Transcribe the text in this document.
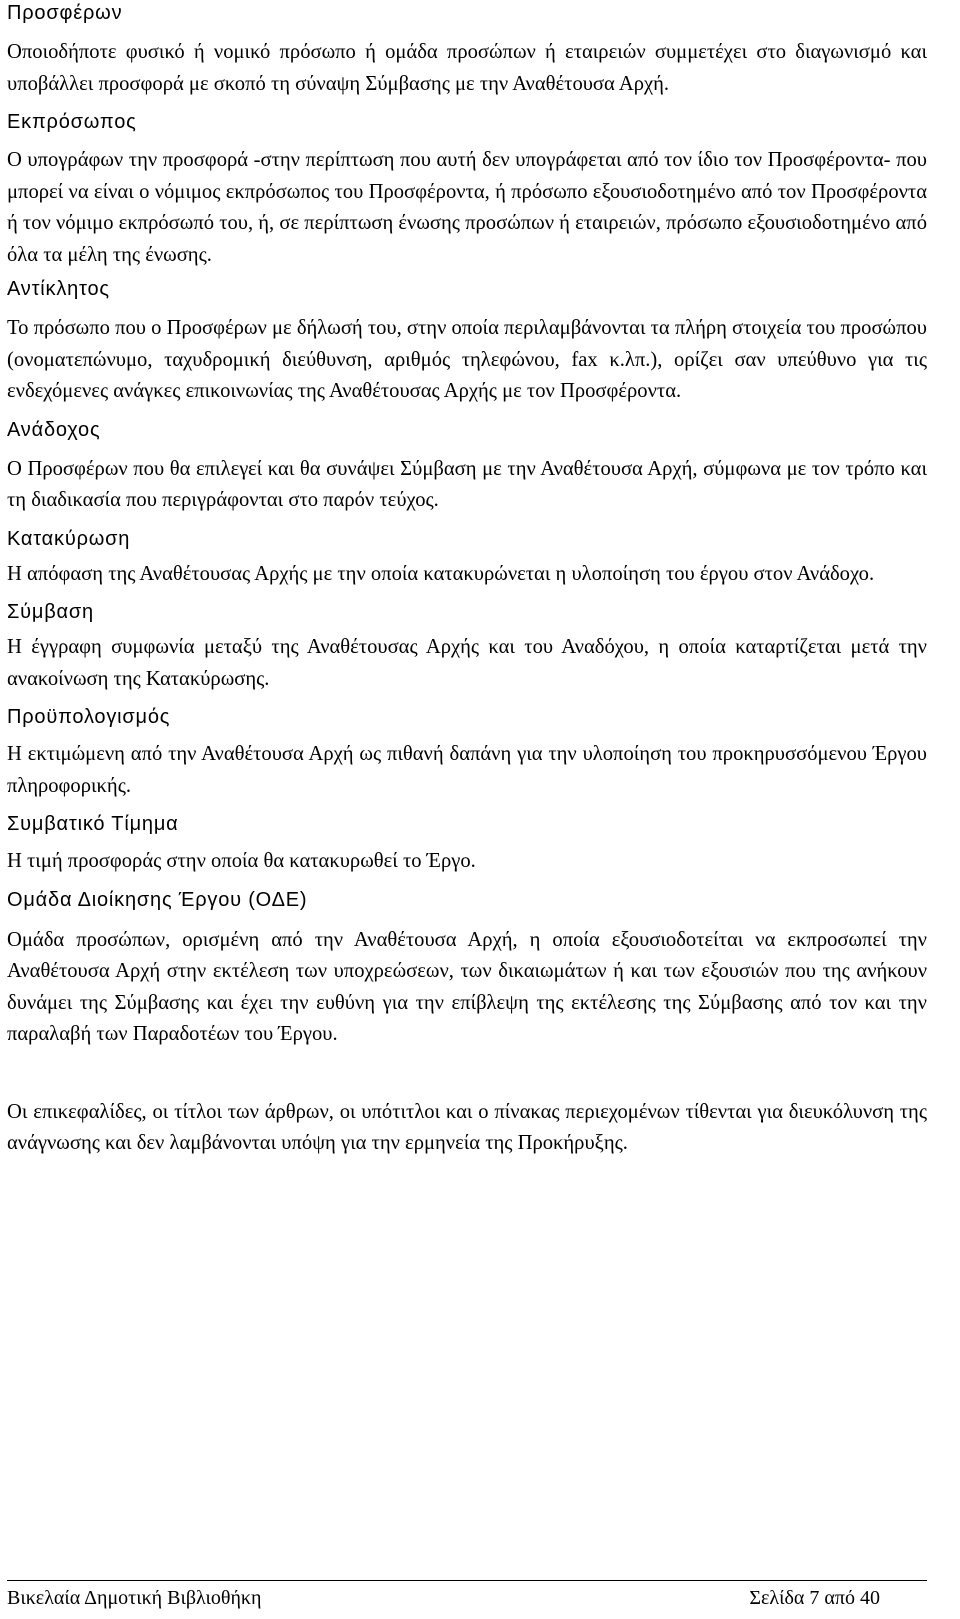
Προσφέρων

Οποιοδήποτε φυσικό ή νομικό πρόσωπο ή ομάδα προσώπων ή εταιρειών συμμετέχει στο διαγωνισμό και υποβάλλει προσφορά με σκοπό τη σύναψη Σύμβασης με την Αναθέτουσα Αρχή.

Εκπρόσωπος

Ο υπογράφων την προσφορά -στην περίπτωση που αυτή δεν υπογράφεται από τον ίδιο τον Προσφέροντα- που μπορεί να είναι ο νόμιμος εκπρόσωπος του Προσφέροντα, ή πρόσωπο εξουσιοδοτημένο από τον Προσφέροντα ή τον νόμιμο εκπρόσωπό του, ή, σε περίπτωση ένωσης προσώπων ή εταιρειών, πρόσωπο εξουσιοδοτημένο από όλα τα μέλη της ένωσης.

Αντίκλητος

Το πρόσωπο που ο Προσφέρων με δήλωσή του, στην οποία περιλαμβάνονται τα πλήρη στοιχεία του προσώπου (ονοματεπώνυμο, ταχυδρομική διεύθυνση, αριθμός τηλεφώνου, fax κ.λπ.), ορίζει σαν υπεύθυνο για τις ενδεχόμενες ανάγκες επικοινωνίας της Αναθέτουσας Αρχής με τον Προσφέροντα.

Ανάδοχος

Ο Προσφέρων που θα επιλεγεί και θα συνάψει Σύμβαση με την Αναθέτουσα Αρχή, σύμφωνα με τον τρόπο και τη διαδικασία που περιγράφονται στο παρόν τεύχος.

Κατακύρωση

Η απόφαση της Αναθέτουσας Αρχής με την οποία κατακυρώνεται η υλοποίηση του έργου στον Ανάδοχο.

Σύμβαση

Η έγγραφη συμφωνία μεταξύ της Αναθέτουσας Αρχής και του Αναδόχου, η οποία καταρτίζεται μετά την ανακοίνωση της Κατακύρωσης.

Προϋπολογισμός

Η εκτιμώμενη από την Αναθέτουσα Αρχή ως πιθανή δαπάνη για την υλοποίηση του προκηρυσσόμενου Έργου πληροφορικής.

Συμβατικό Τίμημα

Η τιμή προσφοράς στην οποία θα κατακυρωθεί το Έργο.

Ομάδα Διοίκησης Έργου (ΟΔΕ)

Ομάδα προσώπων, ορισμένη από την Αναθέτουσα Αρχή, η οποία εξουσιοδοτείται να εκπροσωπεί την Αναθέτουσα Αρχή στην εκτέλεση των υποχρεώσεων, των δικαιωμάτων ή και των εξουσιών που της ανήκουν δυνάμει της Σύμβασης και έχει την ευθύνη για την επίβλεψη της εκτέλεσης της Σύμβασης από τον και την παραλαβή των Παραδοτέων του Έργου.

Οι επικεφαλίδες, οι τίτλοι των άρθρων, οι υπότιτλοι και ο πίνακας περιεχομένων τίθενται για διευκόλυνση της ανάγνωσης και δεν λαμβάνονται υπόψη για την ερμηνεία της Προκήρυξης.

Βικελαία Δημοτική Βιβλιοθήκη	Σελίδα 7 από 40
